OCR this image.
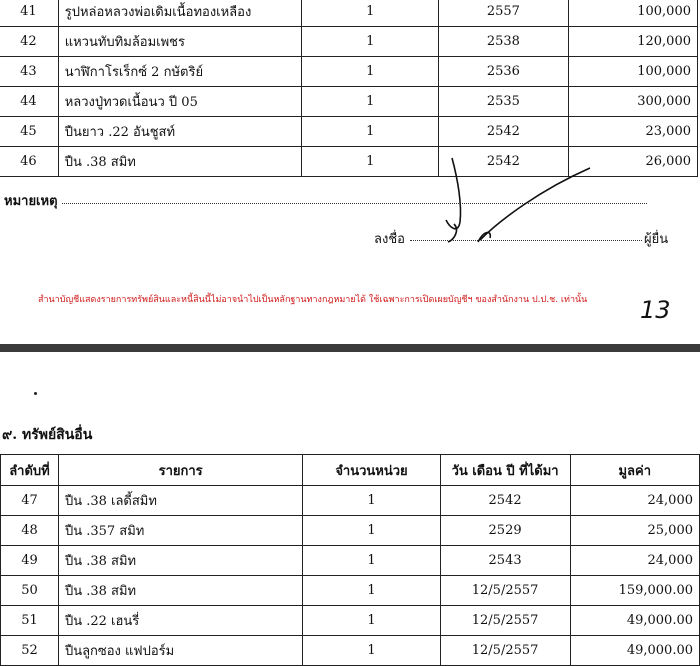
41	รูปหล่อหลวงพ่อเดิมเนื้อทองเหลือง	1	2557	100,000
42	แหวนทับทิมล้อมเพชร	1	2538	120,000
43	นาฬิกาโรเร็กซ์ 2 กษัตริย์	1	2536	100,000
44	หลวงปู่ทวดเนื้อนว ปี 05	1	2535	300,000
45	ปืนยาว .22 อันชูสท์	1	2542	23,000
46	ปืน .38 สมิท	1	2542	26,000
หมายเหตุ
ลงชื่อ	ผู้ยื่น
สำนาบัญชีแสดงรายการทรัพย์สินและหนี้สินนี้ไม่อาจนำไปเป็นหลักฐานทางกฎหมายได้ ใช้เฉพาะการเปิดเผยบัญชีฯ ของสำนักงาน ป.ป.ช. เท่านั้น 13
๙. ทรัพย์สินอื่น
ลำดับที่	รายการ	จำนวนหน่วย	วัน เดือน ปี ที่ได้มา	มูลค่า
47	ปืน .38 เลดี้สมิท	1	2542	24,000
48	ปืน .357 สมิท	1	2529	25,000
49	ปืน .38 สมิท	1	2543	24,000
50	ปืน .38 สมิท	1	12/5/2557	159,000.00
51	ปืน .22 เฮนรี่	1	12/5/2557	49,000.00
52	ปืนลูกซอง แฟปอร์ม	1	12/5/2557	49,000.00
